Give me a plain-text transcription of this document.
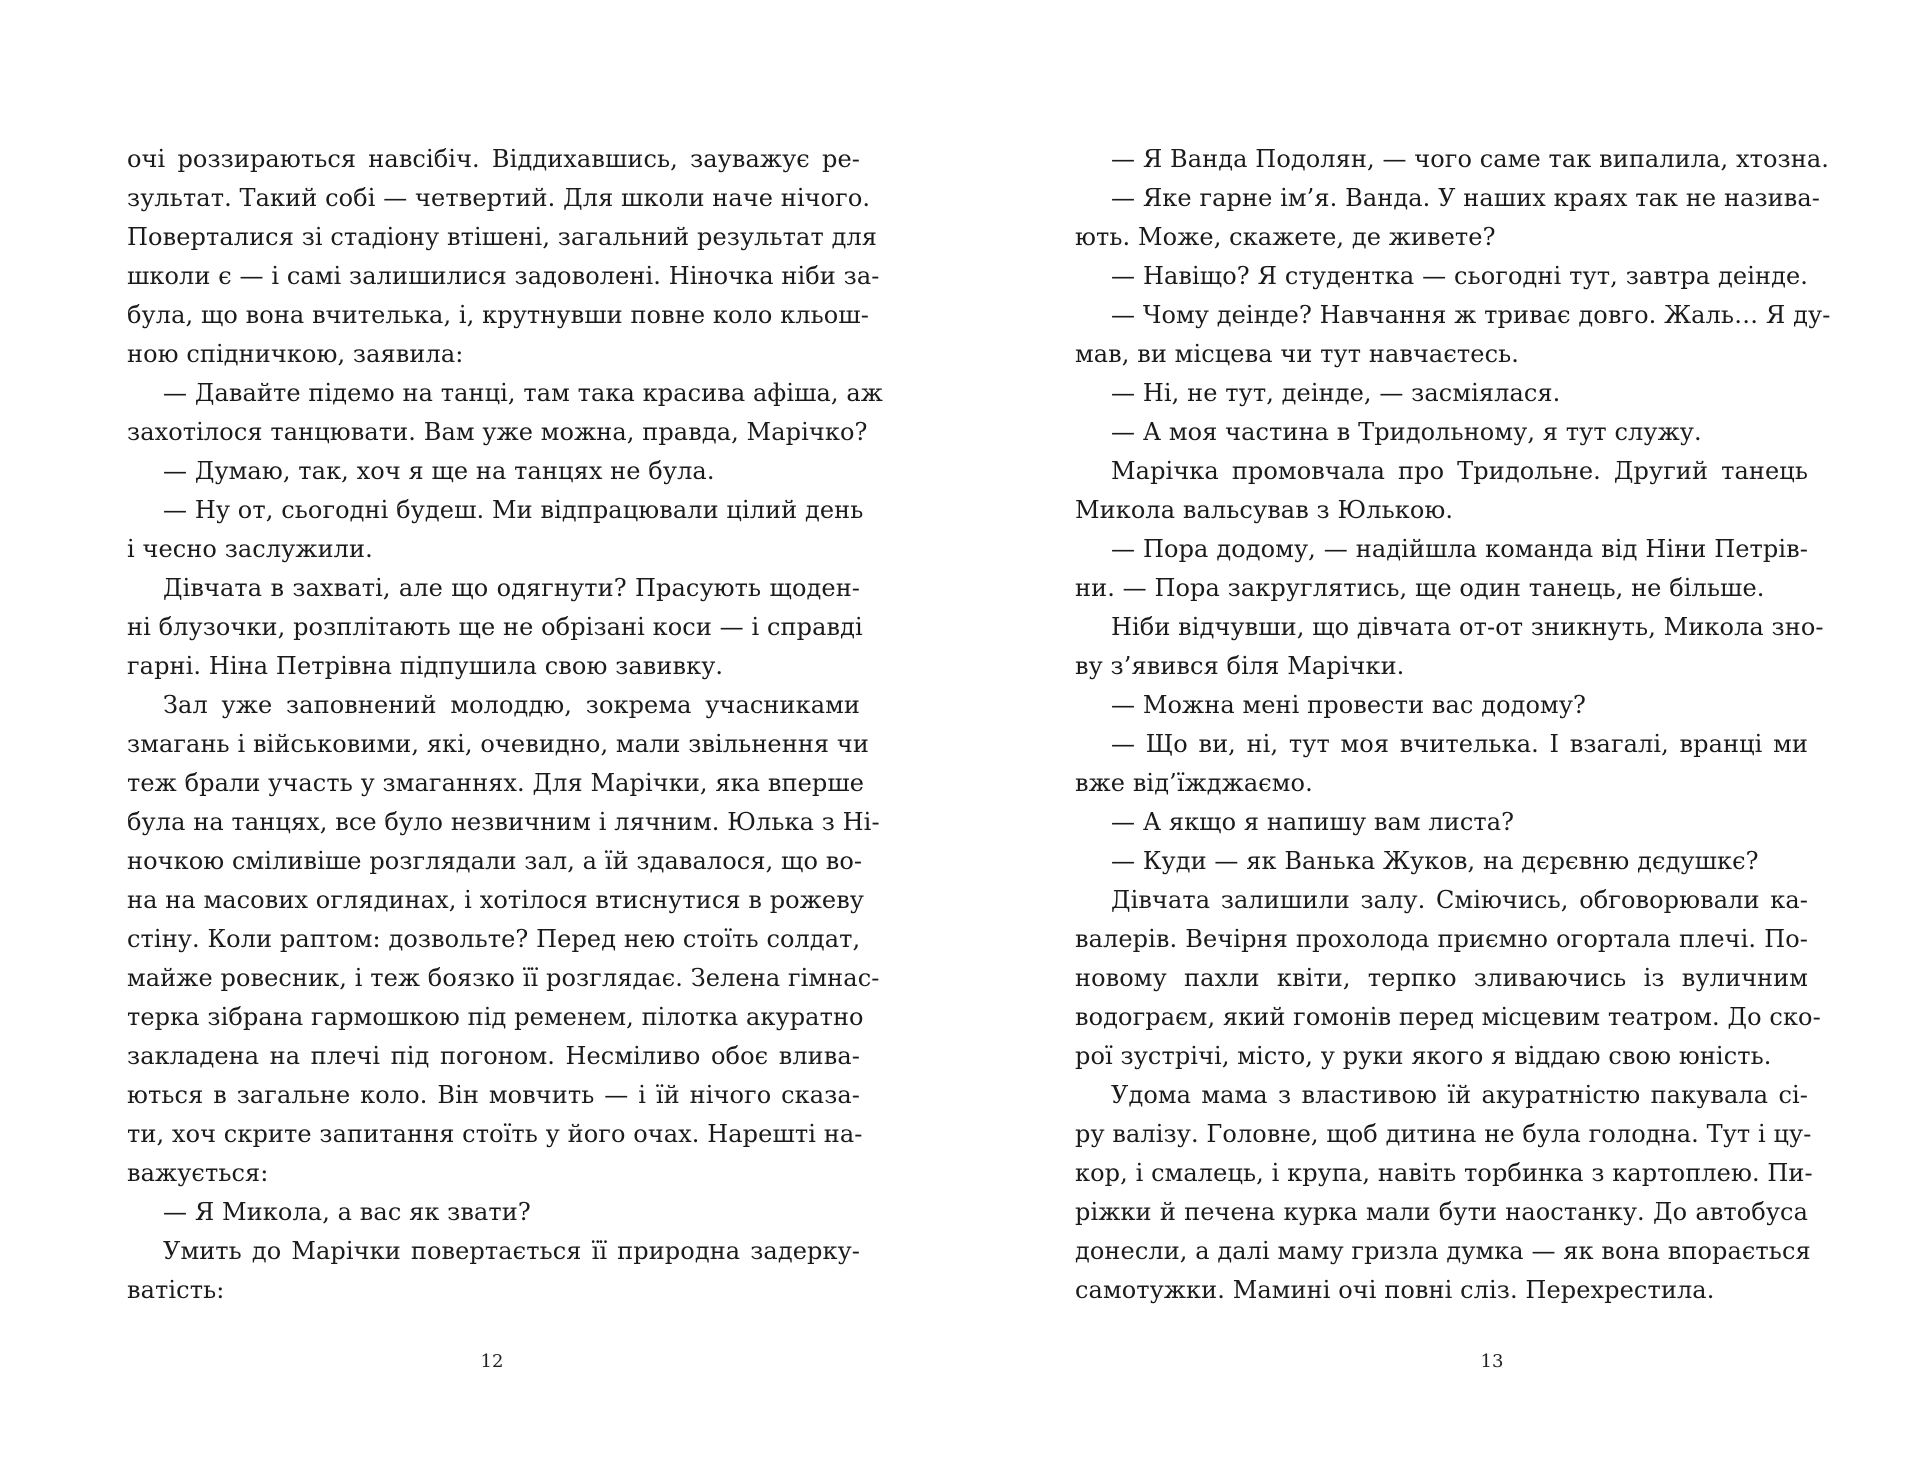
очі роззираються навсібіч. Віддихавшись, зауважує ре-
зультат. Такий собі — четвертий. Для школи наче нічого.
Поверталися зі стадіону втішені, загальний результат для
школи є — і самі залишилися задоволені. Ніночка ніби за-
була, що вона вчителька, і, крутнувши повне коло кльош-
ною спідничкою, заявила:
— Давайте підемо на танці, там така красива афіша, аж
захотілося танцювати. Вам уже можна, правда, Марічко?
— Думаю, так, хоч я ще на танцях не була.
— Ну от, сьогодні будеш. Ми відпрацювали цілий день
і чесно заслужили.
Дівчата в захваті, але що одягнути? Прасують щоден-
ні блузочки, розплітають ще не обрізані коси — і справді
гарні. Ніна Петрівна підпушила свою завивку.
Зал уже заповнений молоддю, зокрема учасниками
змагань і військовими, які, очевидно, мали звільнення чи
теж брали участь у змаганнях. Для Марічки, яка вперше
була на танцях, все було незвичним і лячним. Юлька з Ні-
ночкою сміливіше розглядали зал, а їй здавалося, що во-
на на масових оглядинах, і хотілося втиснутися в рожеву
стіну. Коли раптом: дозвольте? Перед нею стоїть солдат,
майже ровесник, і теж боязко її розглядає. Зелена гімнас-
терка зібрана гармошкою під ременем, пілотка акуратно
закладена на плечі під погоном. Несміливо обоє влива-
ються в загальне коло. Він мовчить — і їй нічого сказа-
ти, хоч скрите запитання стоїть у його очах. Нарешті на-
важується:
— Я Микола, а вас як звати?
Умить до Марічки повертається її природна задерку-
ватість:
12
— Я Ванда Подолян, — чого саме так випалила, хтозна.
— Яке гарне ім’я. Ванда. У наших краях так не назива-
ють. Може, скажете, де живете?
— Навіщо? Я студентка — сьогодні тут, завтра деінде.
— Чому деінде? Навчання ж триває довго. Жаль… Я ду-
мав, ви місцева чи тут навчаєтесь.
— Ні, не тут, деінде, — засміялася.
— А моя частина в Тридольному, я тут служу.
Марічка промовчала про Тридольне. Другий танець
Микола вальсував з Юлькою.
— Пора додому, — надійшла команда від Ніни Петрів-
ни. — Пора закруглятись, ще один танець, не більше.
Ніби відчувши, що дівчата от-от зникнуть, Микола зно-
ву з’явився біля Марічки.
— Можна мені провести вас додому?
— Що ви, ні, тут моя вчителька. І взагалі, вранці ми
вже від’їжджаємо.
— А якщо я напишу вам листа?
— Куди — як Ванька Жуков, на дєрєвню дєдушкє?
Дівчата залишили залу. Сміючись, обговорювали ка-
валерів. Вечірня прохолода приємно огортала плечі. По-
новому пахли квіти, терпко зливаючись із вуличним
водограєм, який гомонів перед місцевим театром. До ско-
рої зустрічі, місто, у руки якого я віддаю свою юність.
Удома мама з властивою їй акуратністю пакувала сі-
ру валізу. Головне, щоб дитина не була голодна. Тут і цу-
кор, і смалець, і крупа, навіть торбинка з картоплею. Пи-
ріжки й печена курка мали бути наостанку. До автобуса
донесли, а далі маму гризла думка — як вона впорається
самотужки. Мамині очі повні сліз. Перехрестила.
13
